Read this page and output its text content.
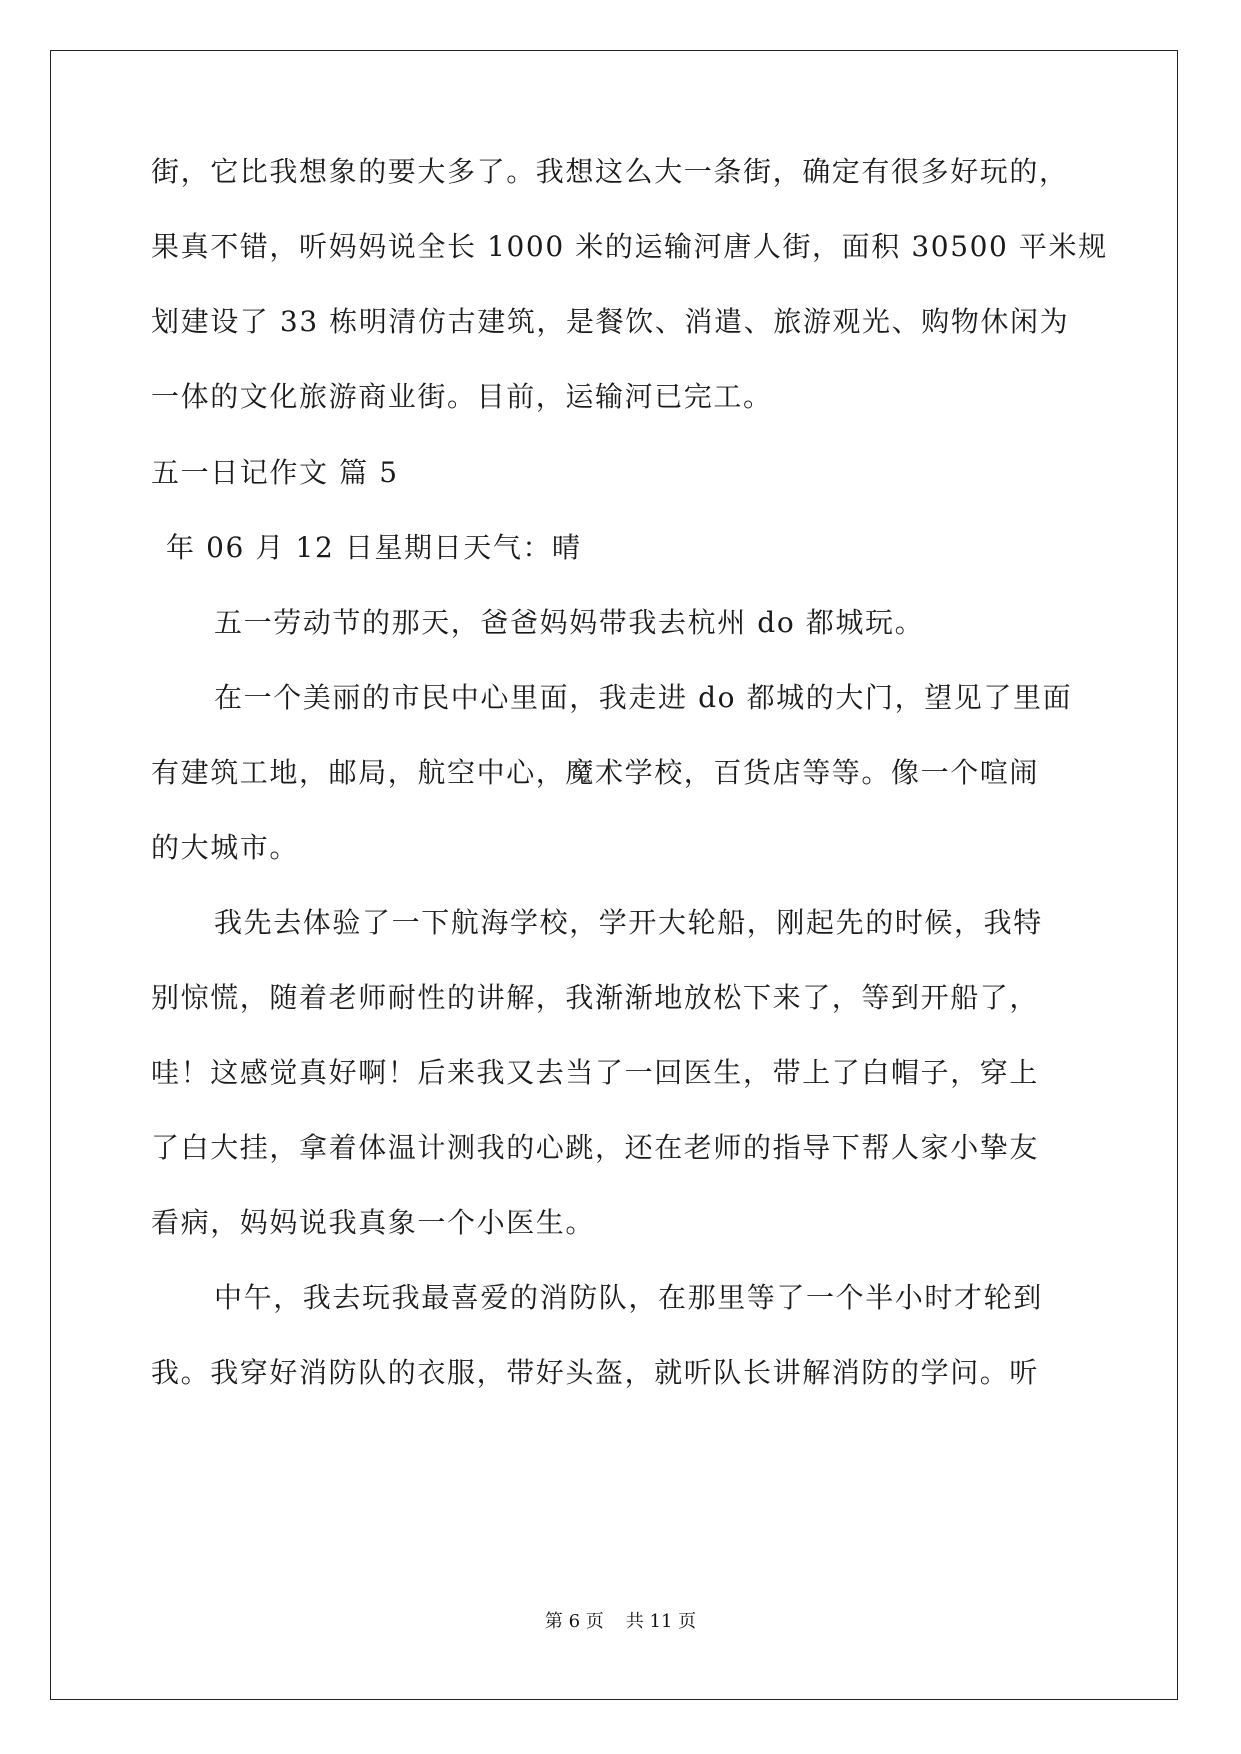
街，它比我想象的要大多了。我想这么大一条街，确定有很多好玩的，
果真不错，听妈妈说全长 1000 米的运输河唐人街，面积 30500 平米规
划建设了 33 栋明清仿古建筑，是餐饮、消遣、旅游观光、购物休闲为
一体的文化旅游商业街。目前，运输河已完工。
五一日记作文 篇 5
年 06 月 12 日星期日天气：晴
五一劳动节的那天，爸爸妈妈带我去杭州 do 都城玩。
在一个美丽的市民中心里面，我走进 do 都城的大门，望见了里面
有建筑工地，邮局，航空中心，魔术学校，百货店等等。像一个喧闹
的大城市。
我先去体验了一下航海学校，学开大轮船，刚起先的时候，我特
别惊慌，随着老师耐性的讲解，我渐渐地放松下来了，等到开船了，
哇！这感觉真好啊！后来我又去当了一回医生，带上了白帽子，穿上
了白大挂，拿着体温计测我的心跳，还在老师的指导下帮人家小挚友
看病，妈妈说我真象一个小医生。
中午，我去玩我最喜爱的消防队，在那里等了一个半小时才轮到
我。我穿好消防队的衣服，带好头盔，就听队长讲解消防的学问。听
第 6 页 共 11 页
